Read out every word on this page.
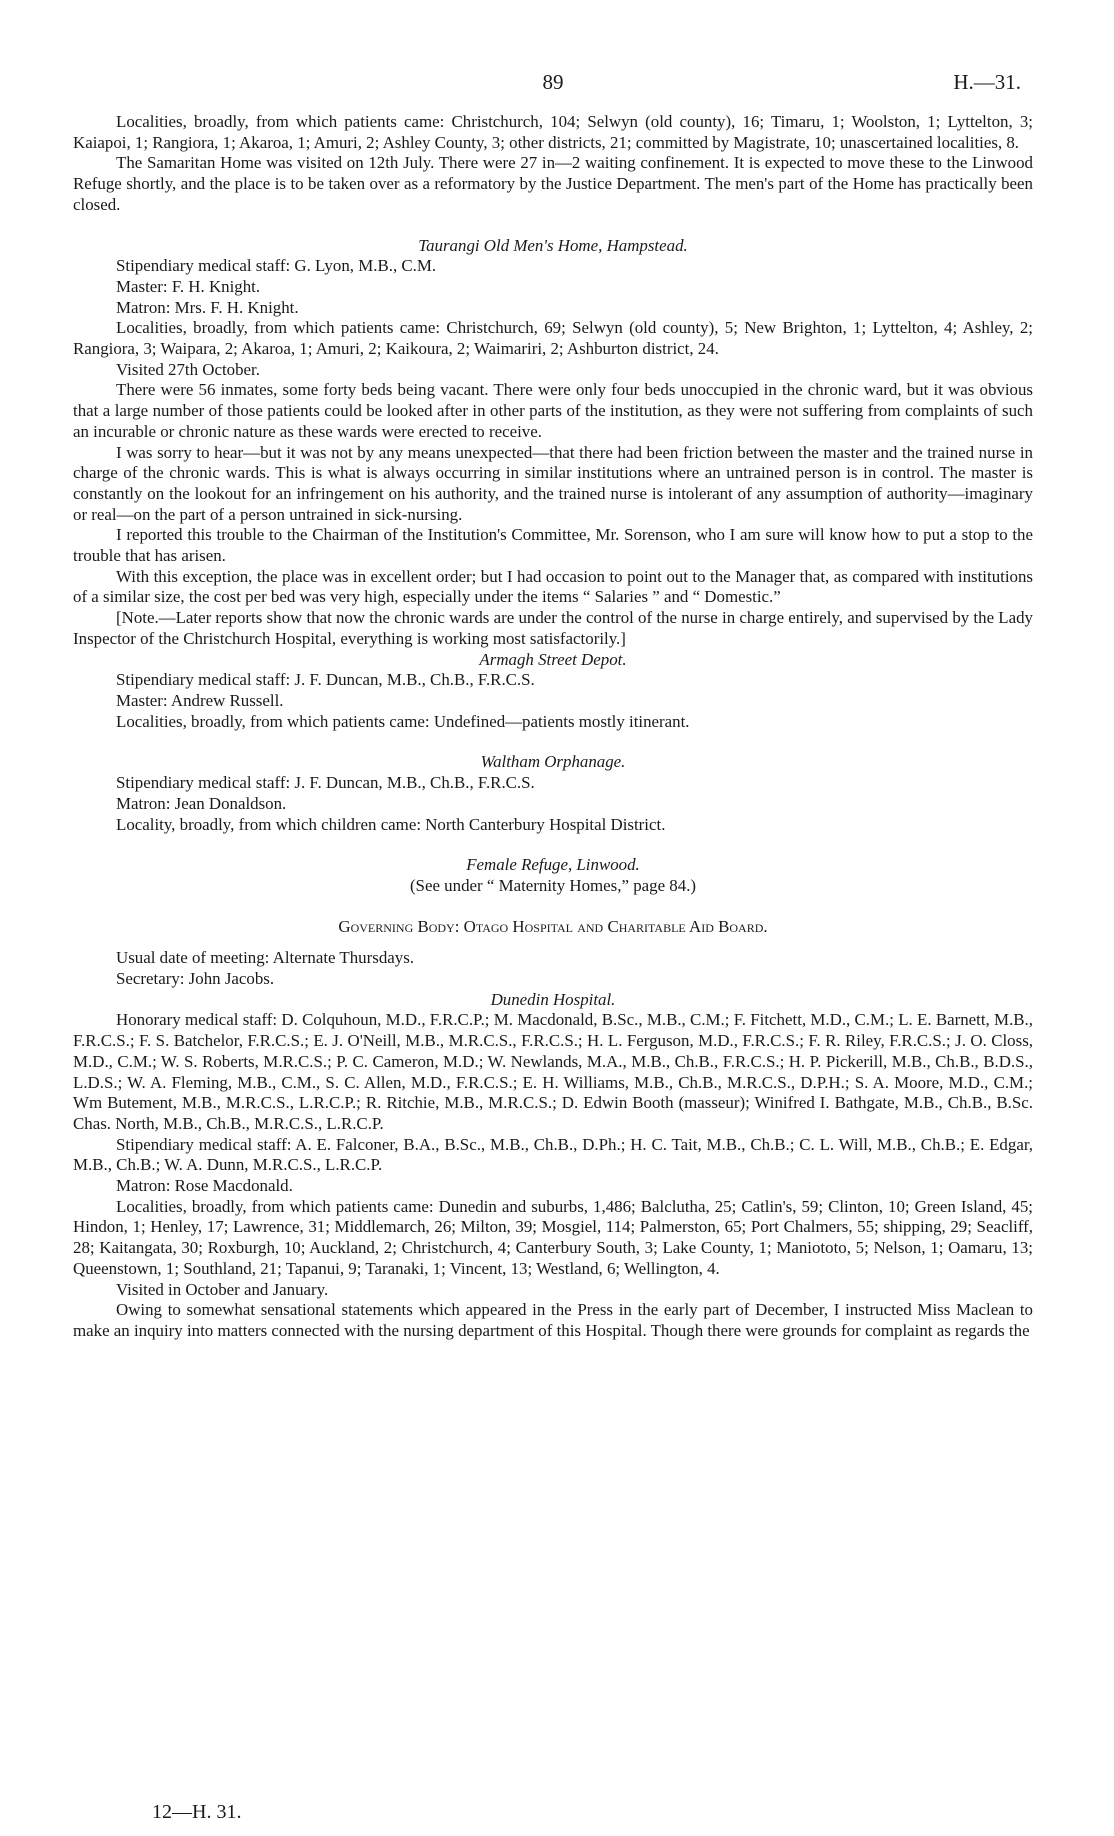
89	H.—31.

Localities, broadly, from which patients came: Christchurch, 104; Selwyn (old county), 16; Timaru, 1; Woolston, 1; Lyttelton, 3; Kaiapoi, 1; Rangiora, 1; Akaroa, 1; Amuri, 2; Ashley County, 3; other districts, 21; committed by Magistrate, 10; unascertained localities, 8.

The Samaritan Home was visited on 12th July. There were 27 in—2 waiting confinement. It is expected to move these to the Linwood Refuge shortly, and the place is to be taken over as a reformatory by the Justice Department. The men's part of the Home has practically been closed.

Taurangi Old Men's Home, Hampstead.

Stipendiary medical staff: G. Lyon, M.B., C.M.

Master: F. H. Knight.

Matron: Mrs. F. H. Knight.

Localities, broadly, from which patients came: Christchurch, 69; Selwyn (old county), 5; New Brighton, 1; Lyttelton, 4; Ashley, 2; Rangiora, 3; Waipara, 2; Akaroa, 1; Amuri, 2; Kaikoura, 2; Waimariri, 2; Ashburton district, 24.

Visited 27th October.

There were 56 inmates, some forty beds being vacant. There were only four beds unoccupied in the chronic ward, but it was obvious that a large number of those patients could be looked after in other parts of the institution, as they were not suffering from complaints of such an incurable or chronic nature as these wards were erected to receive.

I was sorry to hear—but it was not by any means unexpected—that there had been friction between the master and the trained nurse in charge of the chronic wards. This is what is always occurring in similar institutions where an untrained person is in control. The master is constantly on the lookout for an infringement on his authority, and the trained nurse is intolerant of any assumption of authority—imaginary or real—on the part of a person untrained in sick-nursing.

I reported this trouble to the Chairman of the Institution's Committee, Mr. Sorenson, who I am sure will know how to put a stop to the trouble that has arisen.

With this exception, the place was in excellent order; but I had occasion to point out to the Manager that, as compared with institutions of a similar size, the cost per bed was very high, especially under the items “ Salaries ” and “ Domestic.”

[Note.—Later reports show that now the chronic wards are under the control of the nurse in charge entirely, and supervised by the Lady Inspector of the Christchurch Hospital, everything is working most satisfactorily.]

Armagh Street Depot.

Stipendiary medical staff: J. F. Duncan, M.B., Ch.B., F.R.C.S.

Master: Andrew Russell.

Localities, broadly, from which patients came: Undefined—patients mostly itinerant.

Waltham Orphanage.

Stipendiary medical staff: J. F. Duncan, M.B., Ch.B., F.R.C.S.

Matron: Jean Donaldson.

Locality, broadly, from which children came: North Canterbury Hospital District.

Female Refuge, Linwood.

(See under “ Maternity Homes,” page 84.)

Governing Body: Otago Hospital and Charitable Aid Board.

Usual date of meeting: Alternate Thursdays.

Secretary: John Jacobs.

Dunedin Hospital.

Honorary medical staff: D. Colquhoun, M.D., F.R.C.P.; M. Macdonald, B.Sc., M.B., C.M.; F. Fitchett, M.D., C.M.; L. E. Barnett, M.B., F.R.C.S.; F. S. Batchelor, F.R.C.S.; E. J. O'Neill, M.B., M.R.C.S., F.R.C.S.; H. L. Ferguson, M.D., F.R.C.S.; F. R. Riley, F.R.C.S.; J. O. Closs, M.D., C.M.; W. S. Roberts, M.R.C.S.; P. C. Cameron, M.D.; W. Newlands, M.A., M.B., Ch.B., F.R.C.S.; H. P. Pickerill, M.B., Ch.B., B.D.S., L.D.S.; W. A. Fleming, M.B., C.M., S. C. Allen, M.D., F.R.C.S.; E. H. Williams, M.B., Ch.B., M.R.C.S., D.P.H.; S. A. Moore, M.D., C.M.; Wm Butement, M.B., M.R.C.S., L.R.C.P.; R. Ritchie, M.B., M.R.C.S.; D. Edwin Booth (masseur); Winifred I. Bathgate, M.B., Ch.B., B.Sc. Chas. North, M.B., Ch.B., M.R.C.S., L.R.C.P.

Stipendiary medical staff: A. E. Falconer, B.A., B.Sc., M.B., Ch.B., D.Ph.; H. C. Tait, M.B., Ch.B.; C. L. Will, M.B., Ch.B.; E. Edgar, M.B., Ch.B.; W. A. Dunn, M.R.C.S., L.R.C.P.

Matron: Rose Macdonald.

Localities, broadly, from which patients came: Dunedin and suburbs, 1,486; Balclutha, 25; Catlin's, 59; Clinton, 10; Green Island, 45; Hindon, 1; Henley, 17; Lawrence, 31; Middlemarch, 26; Milton, 39; Mosgiel, 114; Palmerston, 65; Port Chalmers, 55; shipping, 29; Seacliff, 28; Kaitangata, 30; Roxburgh, 10; Auckland, 2; Christchurch, 4; Canterbury South, 3; Lake County, 1; Maniototo, 5; Nelson, 1; Oamaru, 13; Queenstown, 1; Southland, 21; Tapanui, 9; Taranaki, 1; Vincent, 13; Westland, 6; Wellington, 4.

Visited in October and January.

Owing to somewhat sensational statements which appeared in the Press in the early part of December, I instructed Miss Maclean to make an inquiry into matters connected with the nursing department of this Hospital. Though there were grounds for complaint as regards the

12—H. 31.
